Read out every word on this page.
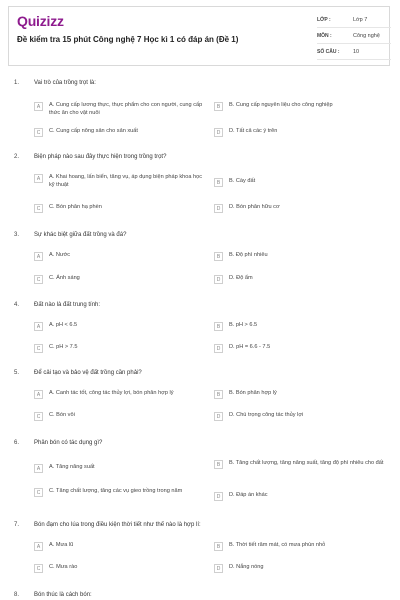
Quizizz
Đề kiểm tra 15 phút Công nghệ 7 Học kì 1 có đáp án (Đề 1)
LỚP :	Lớp 7
MÔN :	Công nghệ
SỐ CÂU :	10
1. Vai trò của trồng trọt là:
A	A. Cung cấp lương thực, thực phẩm cho con người, cung cấp thức ăn cho vật nuôi
B	B. Cung cấp nguyên liệu cho công nghiệp
C	C. Cung cấp nông sản cho sản xuất	D	D. Tất cả các ý trên
2. Biện pháp nào sau đây thực hiện trong trồng trọt?
A	A. Khai hoang, lấn biển, tăng vụ, áp dụng biện pháp khoa học kỹ thuật	B	B. Cày đất
C	C. Bón phân hạ phèn	D	D. Bón phân hữu cơ
3. Sự khác biệt giữa đất trồng và đá?
A	A. Nước	B	B. Độ phì nhiêu
C	C. Ánh sáng	D	D. Độ ẩm
4. Đất nào là đất trung tính:
A	A. pH < 6.5	B	B. pH > 6.5
C	C. pH > 7.5	D	D. pH = 6.6 - 7.5
5. Để cải tạo và bảo vệ đất trồng cần phải?
A	A. Canh tác tốt, công tác thủy lợi, bón phân hợp lý	B	B. Bón phân hợp lý
C	C. Bón vôi	D	D. Chú trọng công tác thủy lợi
6. Phân bón có tác dụng gì?
A	A. Tăng năng suất	B	B. Tăng chất lượng, tăng năng suất, tăng độ phì nhiêu cho đất
C	C. Tăng chất lượng, tăng các vụ gieo trồng trong năm
D	D. Đáp án khác
7. Bón đạm cho lúa trong điều kiện thời tiết như thế nào là hợp lí:
A	A. Mưa lũ	B	B. Thời tiết râm mát, có mưa phùn nhỏ
C	C. Mưa rào	D	D. Nắng nóng
8. Bón thúc là cách bón:
